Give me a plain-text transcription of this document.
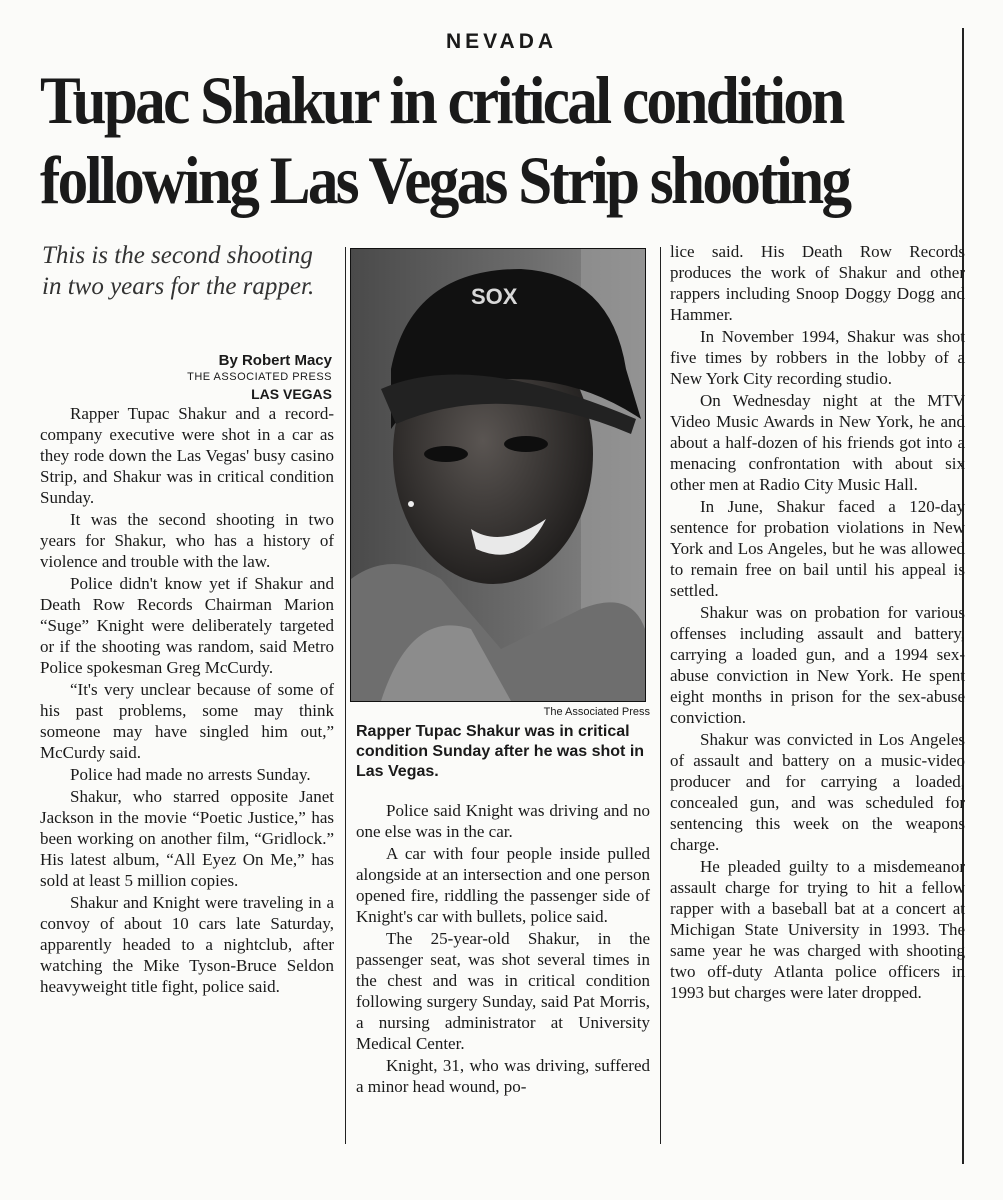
NEVADA
Tupac Shakur in critical condition
following Las Vegas Strip shooting
This is the second shooting in two years for the rapper.
By Robert Macy
THE ASSOCIATED PRESS
LAS VEGAS

Rapper Tupac Shakur and a record-company executive were shot in a car as they rode down the Las Vegas' busy casino Strip, and Shakur was in critical condition Sunday.

It was the second shooting in two years for Shakur, who has a history of violence and trouble with the law.

Police didn't know yet if Shakur and Death Row Records Chairman Marion “Suge” Knight were deliberately targeted or if the shooting was random, said Metro Police spokesman Greg McCurdy.

“It's very unclear because of some of his past problems, some may think someone may have singled him out,” McCurdy said.

Police had made no arrests Sunday.

Shakur, who starred opposite Janet Jackson in the movie “Poetic Justice,” has been working on another film, “Gridlock.” His latest album, “All Eyez On Me,” has sold at least 5 million copies.

Shakur and Knight were traveling in a convoy of about 10 cars late Saturday, apparently headed to a nightclub, after watching the Mike Tyson-Bruce Seldon heavyweight title fight, police said.

SOX
The Associated Press
Rapper Tupac Shakur was in critical condition Sunday after he was shot in Las Vegas.

Police said Knight was driving and no one else was in the car.

A car with four people inside pulled alongside at an intersection and one person opened fire, riddling the passenger side of Knight's car with bullets, police said.

The 25-year-old Shakur, in the passenger seat, was shot several times in the chest and was in critical condition following surgery Sunday, said Pat Morris, a nursing administrator at University Medical Center.

Knight, 31, who was driving, suffered a minor head wound, po-

lice said. His Death Row Records produces the work of Shakur and other rappers including Snoop Doggy Dogg and Hammer.

In November 1994, Shakur was shot five times by robbers in the lobby of a New York City recording studio.

On Wednesday night at the MTV Video Music Awards in New York, he and about a half-dozen of his friends got into a menacing confrontation with about six other men at Radio City Music Hall.

In June, Shakur faced a 120-day sentence for probation violations in New York and Los Angeles, but he was allowed to remain free on bail until his appeal is settled.

Shakur was on probation for various offenses including assault and battery, carrying a loaded gun, and a 1994 sex-abuse conviction in New York. He spent eight months in prison for the sex-abuse conviction.

Shakur was convicted in Los Angeles of assault and battery on a music-video producer and for carrying a loaded, concealed gun, and was scheduled for sentencing this week on the weapons charge.

He pleaded guilty to a misdemeanor assault charge for trying to hit a fellow rapper with a baseball bat at a concert at Michigan State University in 1993. The same year he was charged with shooting two off-duty Atlanta police officers in 1993 but charges were later dropped.
